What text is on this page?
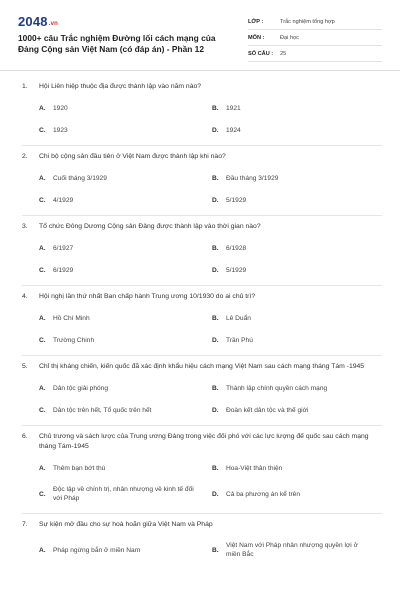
2048.vn
1000+ câu Trắc nghiệm Đường lối cách mạng của Đảng Cộng sản Việt Nam (có đáp án) - Phần 12
LỚP :	Trắc nghiệm tổng hợp
MÔN :	Đại học
SỐ CÂU :	25
1.	Hội Liên hiệp thuộc địa được thành lập vào năm nào?
A.	1920	B.	1921
C.	1923	D.	1924
2.	Chi bộ cộng sản đầu tiên ở Việt Nam được thành lập khi nào?
A.	Cuối tháng 3/1929	B.	Đầu tháng 3/1929
C.	4/1929	D.	5/1929
3.	Tổ chức Đông Dương Cộng sản Đảng được thành lập vào thời gian nào?
A.	6/1927	B.	6/1928
C.	6/1929	D.	5/1929
4.	Hội nghị lần thứ nhất Ban chấp hành Trung ương 10/1930 do ai chủ trì?
A.	Hồ Chí Minh	B.	Lê Duẩn
C.	Trường Chinh	D.	Trần Phú
5.	Chỉ thị kháng chiến, kiến quốc đã xác định khẩu hiệu cách mạng Việt Nam sau cách mạng tháng Tám -1945
A.	Dân tộc giải phóng	B.	Thành lập chính quyền cách mạng
C.	Dân tộc trên hết, Tổ quốc trên hết	D.	Đoàn kết dân tộc và thế giới
6.	Chủ trương và sách lược của Trung ương Đảng trong việc đối phó với các lực lượng đế quốc sau cách mạng tháng Tám-1945
A.	Thêm bạn bớt thù	B.	Hoa-Việt thân thiện
C.
Độc lập về chính trị, nhân nhượng về kinh tế đối với Pháp
D.	Cả ba phương án kể trên
7.	Sự kiện mở đầu cho sự hoà hoãn giữa Việt Nam và Pháp
A.	Pháp ngừng bắn ở miền Nam	B.
Việt Nam với Pháp nhân nhượng quyền lợi ở miền Bắc
